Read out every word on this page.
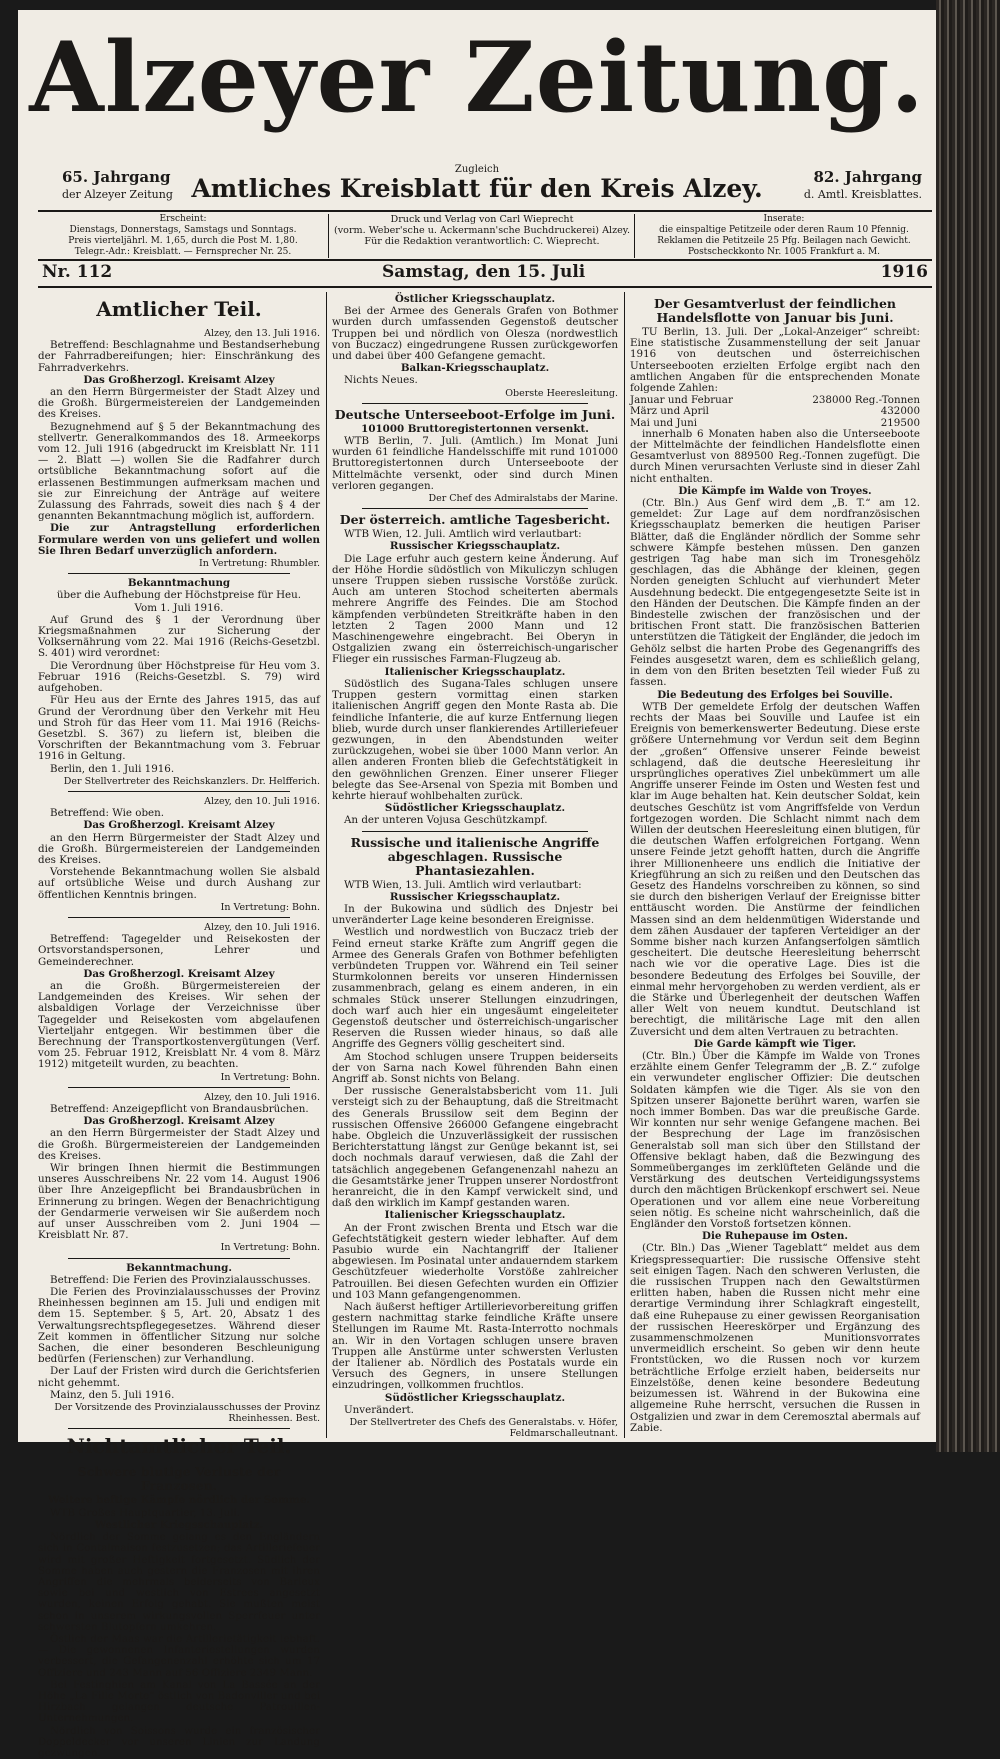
Alzeyer Zeitung.
65. Jahrgang
der Alzeyer Zeitung
Zugleich
Amtliches Kreisblatt für den Kreis Alzey.	82. Jahrgang
d. Amtl. Kreisblattes.
Erscheint:
Dienstags, Donnerstags, Samstags und Sonntags.
Preis vierteljährl. M. 1,65, durch die Post M. 1,80.
Telegr.-Adr.: Kreisblatt. — Fernsprecher Nr. 25.
Druck und Verlag von Carl Wieprecht
(vorm. Weber'sche u. Ackermann'sche Buchdruckerei) Alzey.
Für die Redaktion verantwortlich: C. Wieprecht.
Inserate:
die einspaltige Petitzeile oder deren Raum 10 Pfennig.
Reklamen die Petitzeile 25 Pfg. Beilagen nach Gewicht.
Postscheckkonto Nr. 1005 Frankfurt a. M.
Nr. 112	Samstag, den 15. Juli	1916

Amtlicher Teil.

Alzey, den 13. Juli 1916.

Betreffend: Beschlagnahme und Bestandserhebung der Fahrradbereifungen; hier: Einschränkung des Fahrradverkehrs.

Das Großherzogl. Kreisamt Alzey

an den Herrn Bürgermeister der Stadt Alzey und die Großh. Bürgermeistereien der Landgemeinden des Kreises.

Bezugnehmend auf § 5 der Bekanntmachung des stellvertr. Generalkommandos des 18. Armeekorps vom 12. Juli 1916 (abgedruckt im Kreisblatt Nr. 111 — 2. Blatt —) wollen Sie die Radfahrer durch ortsübliche Bekanntmachung sofort auf die erlassenen Bestimmungen aufmerksam machen und sie zur Einreichung der Anträge auf weitere Zulassung des Fahrrads, soweit dies nach § 4 der genannten Bekanntmachung möglich ist, auffordern.

Die zur Antragstellung erforderlichen Formulare werden von uns geliefert und wollen Sie Ihren Bedarf unverzüglich anfordern.

In Vertretung: Rhumbler.

Bekanntmachung

über die Aufhebung der Höchstpreise für Heu.

Vom 1. Juli 1916.

Auf Grund des § 1 der Verordnung über Kriegsmaßnahmen zur Sicherung der Volksernährung vom 22. Mai 1916 (Reichs-Gesetzbl. S. 401) wird verordnet:

Die Verordnung über Höchstpreise für Heu vom 3. Februar 1916 (Reichs-Gesetzbl. S. 79) wird aufgehoben.

Für Heu aus der Ernte des Jahres 1915, das auf Grund der Verordnung über den Verkehr mit Heu und Stroh für das Heer vom 11. Mai 1916 (Reichs-Gesetzbl. S. 367) zu liefern ist, bleiben die Vorschriften der Bekanntmachung vom 3. Februar 1916 in Geltung.

Berlin, den 1. Juli 1916.

Der Stellvertreter des Reichskanzlers. Dr. Helfferich.

Alzey, den 10. Juli 1916.

Betreffend: Wie oben.

Das Großherzogl. Kreisamt Alzey

an den Herrn Bürgermeister der Stadt Alzey und die Großh. Bürgermeistereien der Landgemeinden des Kreises.

Vorstehende Bekanntmachung wollen Sie alsbald auf ortsübliche Weise und durch Aushang zur öffentlichen Kenntnis bringen.

In Vertretung: Bohn.

Alzey, den 10. Juli 1916.

Betreffend: Tagegelder und Reisekosten der Ortsvorstandspersonen, Lehrer und Gemeinderechner.

Das Großherzogl. Kreisamt Alzey

an die Großh. Bürgermeistereien der Landgemeinden des Kreises. Wir sehen der alsbaldigen Vorlage der Verzeichnisse über Tagegelder und Reisekosten vom abgelaufenen Vierteljahr entgegen. Wir bestimmen über die Berechnung der Transportkostenvergütungen (Verf. vom 25. Februar 1912, Kreisblatt Nr. 4 vom 8. März 1912) mitgeteilt wurden, zu beachten.

In Vertretung: Bohn.

Alzey, den 10. Juli 1916.

Betreffend: Anzeigepflicht von Brandausbrüchen.

Das Großherzogl. Kreisamt Alzey

an den Herrn Bürgermeister der Stadt Alzey und die Großh. Bürgermeistereien der Landgemeinden des Kreises.

Wir bringen Ihnen hiermit die Bestimmungen unseres Ausschreibens Nr. 22 vom 14. August 1906 über Ihre Anzeigepflicht bei Brandausbrüchen in Erinnerung zu bringen. Wegen der Benachrichtigung der Gendarmerie verweisen wir Sie außerdem noch auf unser Ausschreiben vom 2. Juni 1904 — Kreisblatt Nr. 87.

In Vertretung: Bohn.

Bekanntmachung.

Betreffend: Die Ferien des Provinzialausschusses.

Die Ferien des Provinzialausschusses der Provinz Rheinhessen beginnen am 15. Juli und endigen mit dem 15. September. § 5, Art. 20, Absatz 1 des Verwaltungsrechtspflegegesetzes. Während dieser Zeit kommen in öffentlicher Sitzung nur solche Sachen, die einer besonderen Beschleunigung bedürfen (Ferienschen) zur Verhandlung.

Der Lauf der Fristen wird durch die Gerichtsferien nicht gehemmt.

Mainz, den 5. Juli 1916.

Der Vorsitzende des Provinzialausschusses der Provinz Rheinhessen. Best.

Nichtamtlicher Teil.

Schwere blutige Verluste der Franzosen.

Weitere heftige Kämpfe nördlich der Somme.

WTB Großes Hauptquartier, 13. Juli.

Westlicher Kriegsschauplatz.

Nördlich der Somme gelang es den Engländern sich in Contalmaison festzusetzen; das Artilleriefeuer wird mit großer Heftigkeit fortgesetzt. Südlich der Somme haben auch gestern die Franzosen mit ihren Angriffen die mehrmals beiderseits von Barleux sowie bei und westlich von Estrees angesetzt wurden, keinen Erfolg gehabt. Sie mußten meist schon in unserem wirkungsvollen Sperrfeuer unter schwersten Blutopfern umkehren.

Östlich der Maas war die Artillerietätigkeit lebhaft. — Die gewonnenen Infanteriestellungen wurden verbessert, die Gefangenenzahl erhöhte sich um 17 Offiziere und 243 Mann auf 56 Offiziere 2349 Mann.

Bei Festinghien am Kanal von La Bassée an der Höhe „La Fille Morte“ östlich von Badonviller und bei Hirzbach gelangen deutsche Patrouillen-Unternehmungen.

Nördlich von Soissons wurde ein französischer Doppeldecker vor unseren Linien zur Landung gezwungen.

Östlicher Kriegsschauplatz.

Bei der Armee des Generals Grafen von Bothmer wurden durch umfassenden Gegenstoß deutscher Truppen bei und nördlich von Olesza (nordwestlich von Buczacz) eingedrungene Russen zurückgeworfen und dabei über 400 Gefangene gemacht.

Balkan-Kriegsschauplatz.

Nichts Neues.

Oberste Heeresleitung.

Deutsche Unterseeboot-Erfolge im Juni.

101000 Bruttoregistertonnen versenkt.

WTB Berlin, 7. Juli. (Amtlich.) Im Monat Juni wurden 61 feindliche Handelsschiffe mit rund 101000 Bruttoregistertonnen durch Unterseeboote der Mittelmächte versenkt, oder sind durch Minen verloren gegangen.

Der Chef des Admiralstabs der Marine.

Der österreich. amtliche Tagesbericht.

WTB Wien, 12. Juli. Amtlich wird verlautbart:

Russischer Kriegsschauplatz.

Die Lage erfuhr auch gestern keine Änderung. Auf der Höhe Hordie südöstlich von Mikuliczyn schlugen unsere Truppen sieben russische Vorstöße zurück. Auch am unteren Stochod scheiterten abermals mehrere Angriffe des Feindes. Die am Stochod kämpfenden verbündeten Streitkräfte haben in den letzten 2 Tagen 2000 Mann und 12 Maschinengewehre eingebracht. Bei Oberyn in Ostgalizien zwang ein österreichisch-ungarischer Flieger ein russisches Farman-Flugzeug ab.

Italienischer Kriegsschauplatz.

Südöstlich des Sugana-Tales schlugen unsere Truppen gestern vormittag einen starken italienischen Angriff gegen den Monte Rasta ab. Die feindliche Infanterie, die auf kurze Entfernung liegen blieb, wurde durch unser flankierendes Artilleriefeuer gezwungen, in den Abendstunden weiter zurückzugehen, wobei sie über 1000 Mann verlor. An allen anderen Fronten blieb die Gefechtstätigkeit in den gewöhnlichen Grenzen. Einer unserer Flieger belegte das See-Arsenal von Spezia mit Bomben und kehrte hierauf wohlbehalten zurück.

Südöstlicher Kriegsschauplatz.

An der unteren Vojusa Geschützkampf.

Russische und italienische Angriffe abgeschlagen. Russische Phantasiezahlen.

WTB Wien, 13. Juli. Amtlich wird verlautbart:

Russischer Kriegsschauplatz.

In der Bukowina und südlich des Dnjestr bei unveränderter Lage keine besonderen Ereignisse.

Westlich und nordwestlich von Buczacz trieb der Feind erneut starke Kräfte zum Angriff gegen die Armee des Generals Grafen von Bothmer befehligten verbündeten Truppen vor. Während ein Teil seiner Sturmkolonnen bereits vor unseren Hindernissen zusammenbrach, gelang es einem anderen, in ein schmales Stück unserer Stellungen einzudringen, doch warf auch hier ein ungesäumt eingeleiteter Gegenstoß deutscher und österreichisch-ungarischer Reserven die Russen wieder hinaus, so daß alle Angriffe des Gegners völlig gescheitert sind.

Am Stochod schlugen unsere Truppen beiderseits der von Sarna nach Kowel führenden Bahn einen Angriff ab. Sonst nichts von Belang.

Der russische Generalstabsbericht vom 11. Juli versteigt sich zu der Behauptung, daß die Streitmacht des Generals Brussilow seit dem Beginn der russischen Offensive 266000 Gefangene eingebracht habe. Obgleich die Unzuverlässigkeit der russischen Berichterstattung längst zur Genüge bekannt ist, sei doch nochmals darauf verwiesen, daß die Zahl der tatsächlich angegebenen Gefangenenzahl nahezu an die Gesamtstärke jener Truppen unserer Nordostfront heranreicht, die in den Kampf verwickelt sind, und daß den wirklich im Kampf gestanden waren.

Italienischer Kriegsschauplatz.

An der Front zwischen Brenta und Etsch war die Gefechtstätigkeit gestern wieder lebhafter. Auf dem Pasubio wurde ein Nachtangriff der Italiener abgewiesen. Im Posinatal unter andauerndem starkem Geschützfeuer wiederholte Vorstöße zahlreicher Patrouillen. Bei diesen Gefechten wurden ein Offizier und 103 Mann gefangengenommen.

Nach äußerst heftiger Artillerievorbereitung griffen gestern nachmittag starke feindliche Kräfte unsere Stellungen im Raume Mt. Rasta-Interrotto nochmals an. Wir in den Vortagen schlugen unsere braven Truppen alle Anstürme unter schwersten Verlusten der Italiener ab. Nördlich des Postatals wurde ein Versuch des Gegners, in unsere Stellungen einzudringen, vollkommen fruchtlos.

Südöstlicher Kriegsschauplatz.

Unverändert.

Der Stellvertreter des Chefs des Generalstabs. v. Höfer, Feldmarschalleutnant.

Der Gesamtverlust der feindlichen Handelsflotte von Januar bis Juni.

TU Berlin, 13. Juli. Der „Lokal-Anzeiger“ schreibt: Eine statistische Zusammenstellung der seit Januar 1916 von deutschen und österreichischen Unterseebooten erzielten Erfolge ergibt nach den amtlichen Angaben für die entsprechenden Monate folgende Zahlen:

Januar und Februar	238000 Reg.-Tonnen
März und April	432000
Mai und Juni	219500

innerhalb 6 Monaten haben also die Unterseeboote der Mittelmächte der feindlichen Handelsflotte einen Gesamtverlust von 889500 Reg.-Tonnen zugefügt. Die durch Minen verursachten Verluste sind in dieser Zahl nicht enthalten.

Die Kämpfe im Walde von Troyes.

(Ctr. Bln.) Aus Genf wird dem „B. T.“ am 12. gemeldet: Zur Lage auf dem nordfranzösischen Kriegsschauplatz bemerken die heutigen Pariser Blätter, daß die Engländer nördlich der Somme sehr schwere Kämpfe bestehen müssen. Den ganzen gestrigen Tag habe man sich im Tronesgehölz geschlagen, das die Abhänge der kleinen, gegen Norden geneigten Schlucht auf vierhundert Meter Ausdehnung bedeckt. Die entgegengesetzte Seite ist in den Händen der Deutschen. Die Kämpfe finden an der Bindestelle zwischen der französischen und der britischen Front statt. Die französischen Batterien unterstützen die Tätigkeit der Engländer, die jedoch im Gehölz selbst die harten Probe des Gegenangriffs des Feindes ausgesetzt waren, dem es schließlich gelang, in dem von den Briten besetzten Teil wieder Fuß zu fassen.

Die Bedeutung des Erfolges bei Souville.

WTB Der gemeldete Erfolg der deutschen Waffen rechts der Maas bei Souville und Laufee ist ein Ereignis von bemerkenswerter Bedeutung. Diese erste größere Unternehmung vor Verdun seit dem Beginn der „großen“ Offensive unserer Feinde beweist schlagend, daß die deutsche Heeresleitung ihr ursprüngliches operatives Ziel unbekümmert um alle Angriffe unserer Feinde im Osten und Westen fest und klar im Auge behalten hat. Kein deutscher Soldat, kein deutsches Geschütz ist vom Angriffsfelde von Verdun fortgezogen worden. Die Schlacht nimmt nach dem Willen der deutschen Heeresleitung einen blutigen, für die deutschen Waffen erfolgreichen Fortgang. Wenn unsere Feinde jetzt gehofft hatten, durch die Angriffe ihrer Millionenheere uns endlich die Initiative der Kriegführung an sich zu reißen und den Deutschen das Gesetz des Handelns vorschreiben zu können, so sind sie durch den bisherigen Verlauf der Ereignisse bitter enttäuscht worden. Die Anstürme der feindlichen Massen sind an dem heldenmütigen Widerstande und dem zähen Ausdauer der tapferen Verteidiger an der Somme bisher nach kurzen Anfangserfolgen sämtlich gescheitert. Die deutsche Heeresleitung beherrscht nach wie vor die operative Lage. Dies ist die besondere Bedeutung des Erfolges bei Souville, der einmal mehr hervorgehoben zu werden verdient, als er die Stärke und Überlegenheit der deutschen Waffen aller Welt von neuem kundtut. Deutschland ist berechtigt, die militärische Lage mit den allen Zuversicht und dem alten Vertrauen zu betrachten.

Die Garde kämpft wie Tiger.

(Ctr. Bln.) Über die Kämpfe im Walde von Trones erzählte einem Genfer Telegramm der „B. Z.“ zufolge ein verwundeter englischer Offizier: Die deutschen Soldaten kämpfen wie die Tiger. Als sie von den Spitzen unserer Bajonette berührt waren, warfen sie noch immer Bomben. Das war die preußische Garde. Wir konnten nur sehr wenige Gefangene machen. Bei der Besprechung der Lage im französischen Generalstab soll man sich über den Stillstand der Offensive beklagt haben, daß die Bezwingung des Sommeüberganges im zerklüfteten Gelände und die Verstärkung des deutschen Verteidigungssystems durch den mächtigen Brückenkopf erschwert sei. Neue Operationen und vor allem eine neue Vorbereitung seien nötig. Es scheine nicht wahrscheinlich, daß die Engländer den Vorstoß fortsetzen können.

Die Ruhepause im Osten.

(Ctr. Bln.) Das „Wiener Tageblatt“ meldet aus dem Kriegspressequartier: Die russische Offensive steht seit einigen Tagen. Nach den schweren Verlusten, die die russischen Truppen nach den Gewaltstürmen erlitten haben, haben die Russen nicht mehr eine derartige Vermindung ihrer Schlagkraft eingestellt, daß eine Ruhepause zu einer gewissen Reorganisation der russischen Heereskörper und Ergänzung des zusammenschmolzenen Munitionsvorrates unvermeidlich erscheint. So geben wir denn heute Frontstücken, wo die Russen noch vor kurzem beträchtliche Erfolge erzielt haben, beiderseits nur Einzelstöße, denen keine besondere Bedeutung beizumessen ist. Während in der Bukowina eine allgemeine Ruhe herrscht, versuchen die Russen in Ostgalizien und zwar in dem Ceremosztal abermals auf Zabie.
